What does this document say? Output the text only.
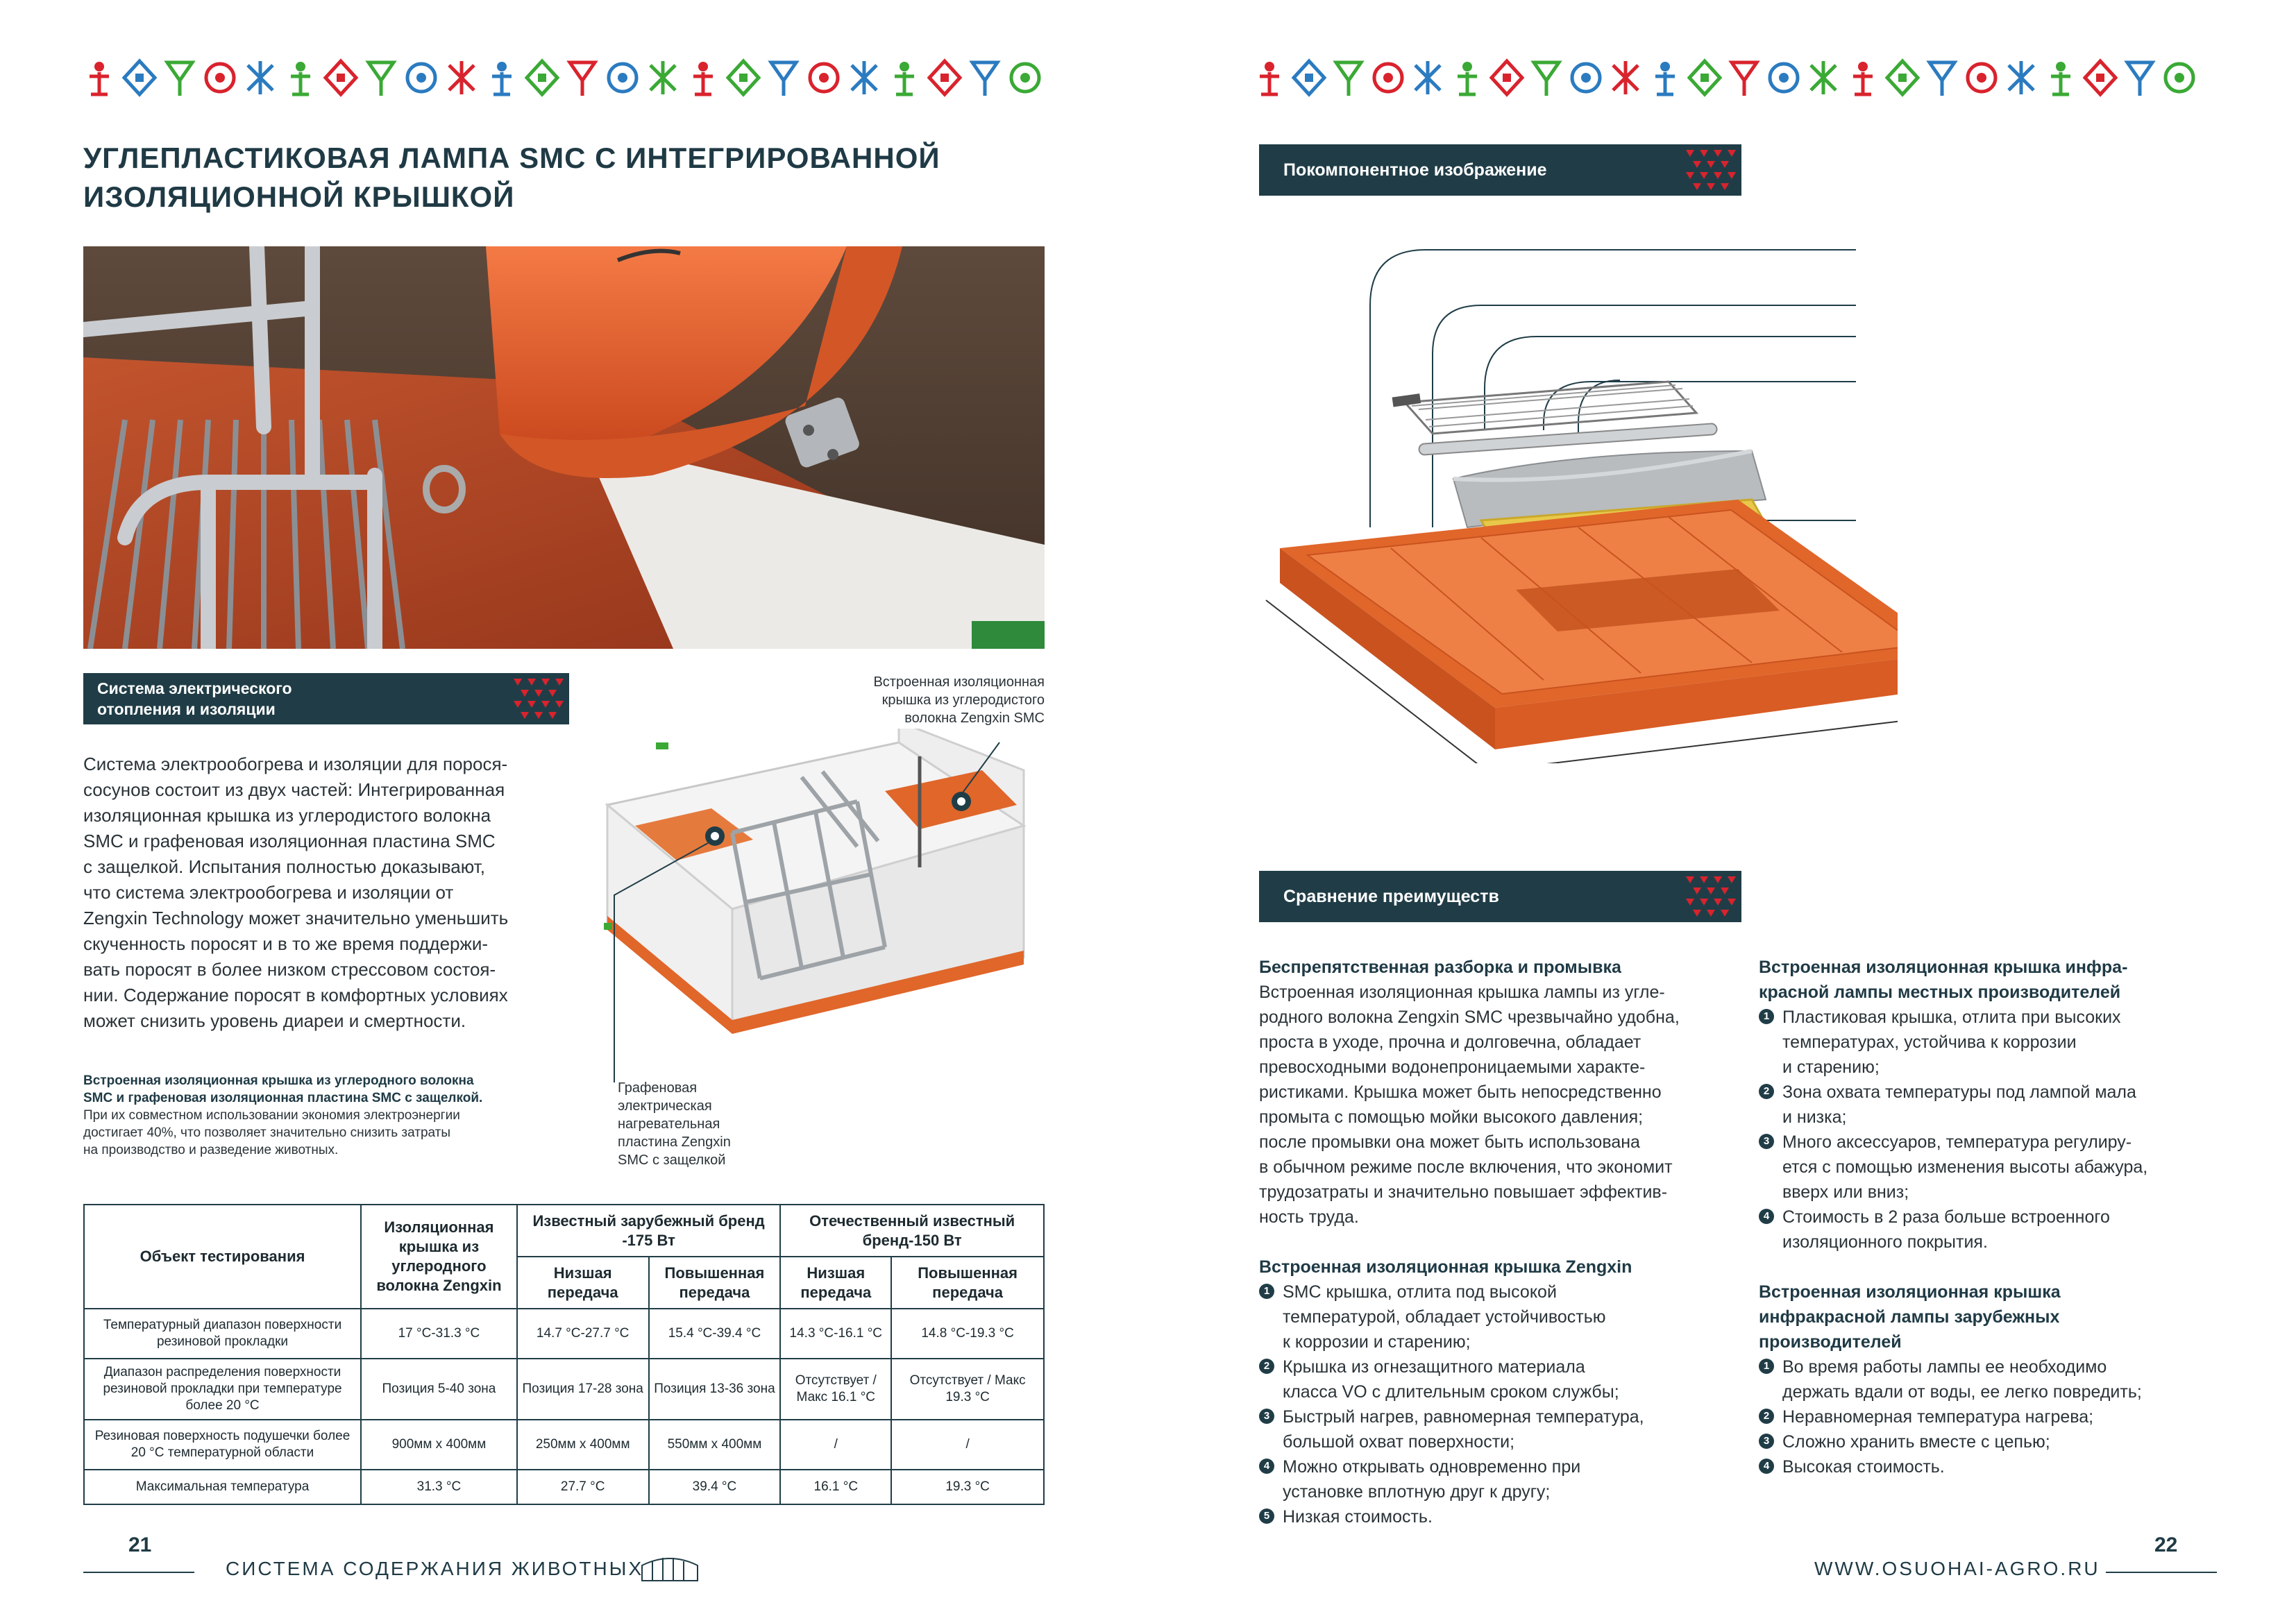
УГЛЕПЛАСТИКОВАЯ ЛАМПА SMC С ИНТЕГРИРОВАННОЙ
ИЗОЛЯЦИОННОЙ КРЫШКОЙ
Система электрического
отопления и изоляции
Система электрообогрева и изоляции для порося-
сосунов состоит из двух частей: Интегрированная
изоляционная крышка из углеродистого волокна
SMC и графеновая изоляционная пластина SMC
с защелкой. Испытания полностью доказывают,
что система электрообогрева и изоляции от
Zengxin Technology может значительно уменьшить
скученность поросят и в то же время поддержи-
вать поросят в более низком стрессовом состоя-
нии. Содержание поросят в комфортных условиях
может снизить уровень диареи и смертности.
Встроенная изоляционная крышка из углеродного волокна
SMC и графеновая изоляционная пластина SMC с защелкой.
При их совместном использовании экономия электроэнергии
достигает 40%, что позволяет значительно снизить затраты
на производство и разведение животных.
Встроенная изоляционная
крышка из углеродистого
волокна Zengxin SMC
Графеновая
электрическая
нагревательная
пластина Zengxin
SMC с защелкой
Объект тестирования	Изоляционная крышка из углеродного волокна Zengxin	Известный зарубежный бренд -175 Вт		Отечественный известный бренд-150 Вт	
		Низшая передача	Повышенная передача	Низшая передача	Повышенная передача
Температурный диапазон поверхности резиновой прокладки	17 °C-31.3 °C	14.7 °C-27.7 °C	15.4 °C-39.4 °C	14.3 °C-16.1 °C	14.8 °C-19.3 °C
Диапазон распределения поверхности резиновой прокладки при температуре более 20 °C	Позиция 5-40 зона	Позиция 17-28 зона	Позиция 13-36 зона	Отсутствует / Макс 16.1 °C	Отсутствует / Макс 19.3 °C
Резиновая поверхность подушечки более 20 °C температурной области	900мм x 400мм	250мм x 400мм	550мм x 400мм	/	/
Максимальная температура	31.3 °C	27.7 °C	39.4 °C	16.1 °C	19.3 °C
21
СИСТЕМА СОДЕРЖАНИЯ ЖИВОТНЫХ
Покомпонентное изображение
Сравнение преимуществ
Беспрепятственная разборка и промывка
Встроенная изоляционная крышка лампы из угле-
родного волокна Zengxin SMC чрезвычайно удобна,
проста в уходе, прочна и долговечна, обладает
превосходными водонепроницаемыми характе-
ристиками. Крышка может быть непосредственно
промыта с помощью мойки высокого давления;
после промывки она может быть использована
в обычном режиме после включения, что экономит
трудозатраты и значительно повышает эффектив-
ность труда.
Встроенная изоляционная крышка Zengxin
1 SMC крышка, отлита под высокой
температурой, обладает устойчивостью
к коррозии и старению;
2 Крышка из огнезащитного материала
класса VO с длительным сроком службы;
3 Быстрый нагрев, равномерная температура,
большой охват поверхности;
4 Можно открывать одновременно при
установке вплотную друг к другу;
5 Низкая стоимость.
Встроенная изоляционная крышка инфра-
красной лампы местных производителей
1 Пластиковая крышка, отлита при высоких
температурах, устойчива к коррозии
и старению;
2 Зона охвата температуры под лампой мала
и низка;
3 Много аксессуаров, температура регулиру-
ется с помощью изменения высоты абажура,
вверх или вниз;
4 Стоимость в 2 раза больше встроенного
изоляционного покрытия.
Встроенная изоляционная крышка
инфракрасной лампы зарубежных
производителей
1 Во время работы лампы ее необходимо
держать вдали от воды, ее легко повредить;
2 Неравномерная температура нагрева;
3 Сложно хранить вместе с цепью;
4 Высокая стоимость.
WWW.OSUOHAI-AGRO.RU
22
